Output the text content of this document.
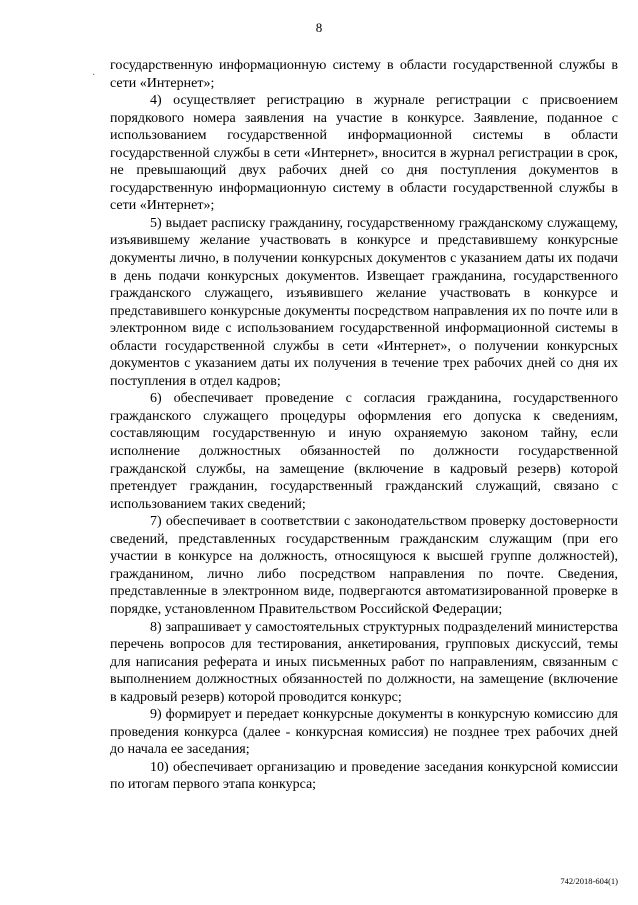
8
·

государственную информационную систему в области государственной службы в сети «Интернет»;

4) осуществляет регистрацию в журнале регистрации с присвоением порядкового номера заявления на участие в конкурсе. Заявление, поданное с использованием государственной информационной системы в области государственной службы в сети «Интернет», вносится в журнал регистрации в срок, не превышающий двух рабочих дней со дня поступления документов в государственную информационную систему в области государственной службы в сети «Интернет»;

5) выдает расписку гражданину, государственному гражданскому служащему, изъявившему желание участвовать в конкурсе и представившему конкурсные документы лично, в получении конкурсных документов с указанием даты их подачи в день подачи конкурсных документов. Извещает гражданина, государственного гражданского служащего, изъявившего желание участвовать в конкурсе и представившего конкурсные документы посредством направления их по почте или в электронном виде с использованием государственной информационной системы в области государственной службы в сети «Интернет», о получении конкурсных документов с указанием даты их получения в течение трех рабочих дней со дня их поступления в отдел кадров;

6) обеспечивает проведение с согласия гражданина, государственного гражданского служащего процедуры оформления его допуска к сведениям, составляющим государственную и иную охраняемую законом тайну, если исполнение должностных обязанностей по должности государственной гражданской службы, на замещение (включение в кадровый резерв) которой претендует гражданин, государственный гражданский служащий, связано с использованием таких сведений;

7) обеспечивает в соответствии с законодательством проверку достоверности сведений, представленных государственным гражданским служащим (при его участии в конкурсе на должность, относящуюся к высшей группе должностей), гражданином, лично либо посредством направления по почте. Сведения, представленные в электронном виде, подвергаются автоматизированной проверке в порядке, установленном Правительством Российской Федерации;

8) запрашивает у самостоятельных структурных подразделений министерства перечень вопросов для тестирования, анкетирования, групповых дискуссий, темы для написания реферата и иных письменных работ по направлениям, связанным с выполнением должностных обязанностей по должности, на замещение (включение в кадровый резерв) которой проводится конкурс;

9) формирует и передает конкурсные документы в конкурсную комиссию для проведения конкурса (далее - конкурсная комиссия) не позднее трех рабочих дней до начала ее заседания;

10) обеспечивает организацию и проведение заседания конкурсной комиссии по итогам первого этапа конкурса;

742/2018-604(1)
